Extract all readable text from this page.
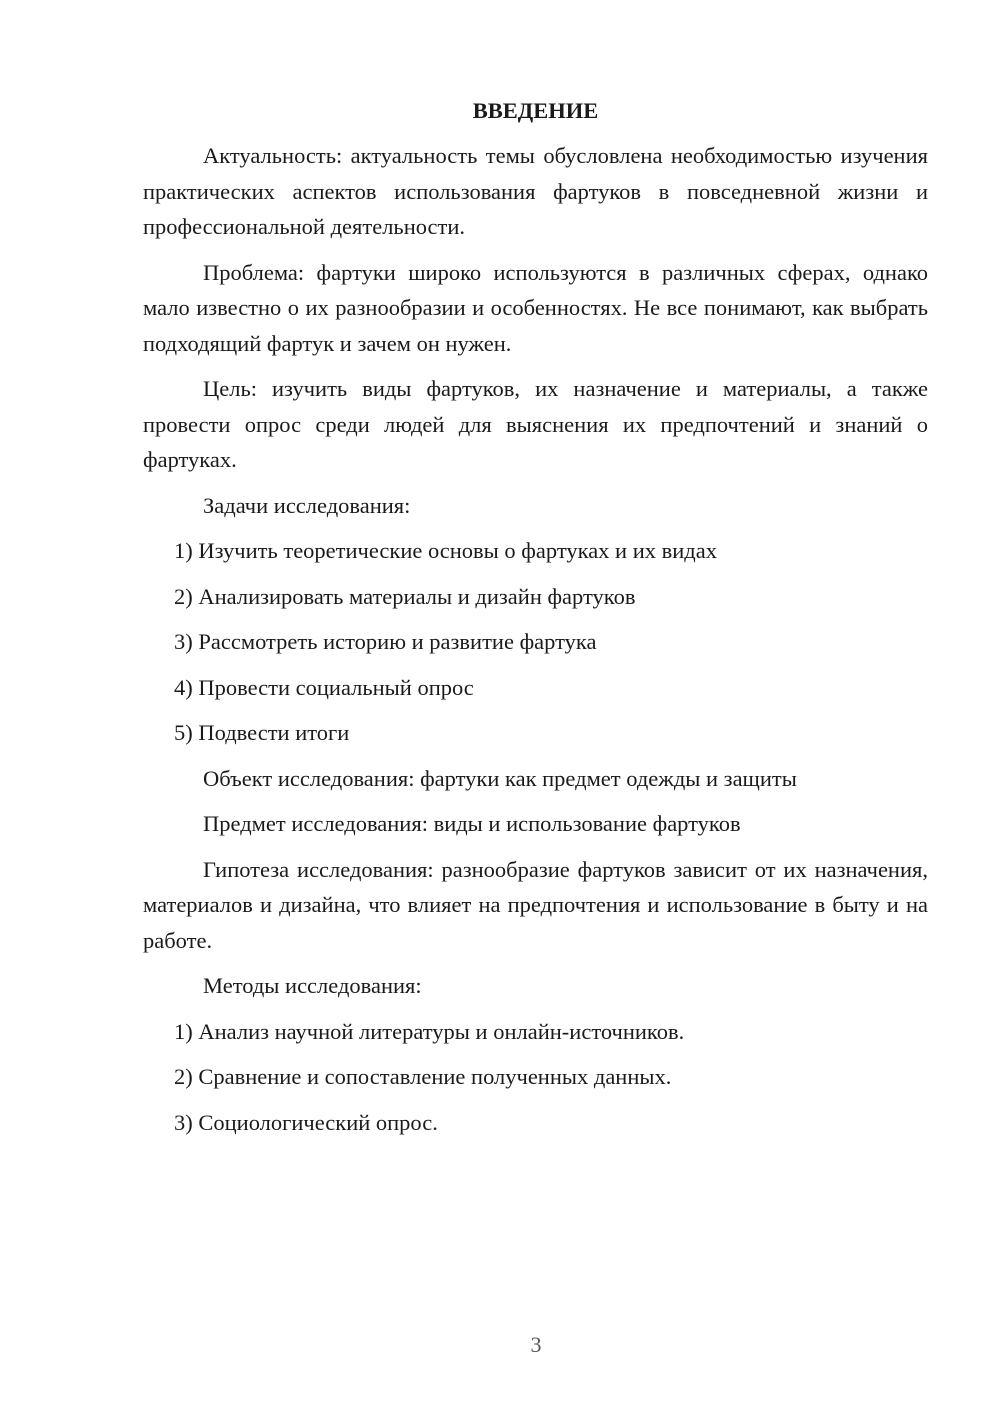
ВВЕДЕНИЕ

Актуальность: актуальность темы обусловлена необходимостью изучения практических аспектов использования фартуков в повседневной жизни и профессиональной деятельности.

Проблема: фартуки широко используются в различных сферах, однако мало известно о их разнообразии и особенностях. Не все понимают, как выбрать подходящий фартук и зачем он нужен.

Цель: изучить виды фартуков, их назначение и материалы, а также провести опрос среди людей для выяснения их предпочтений и знаний о фартуках.

Задачи исследования:

1) Изучить теоретические основы о фартуках и их видах

2) Анализировать материалы и дизайн фартуков

3) Рассмотреть историю и развитие фартука

4) Провести социальный опрос

5) Подвести итоги

Объект исследования: фартуки как предмет одежды и защиты

Предмет исследования: виды и использование фартуков

Гипотеза исследования: разнообразие фартуков зависит от их назначения, материалов и дизайна, что влияет на предпочтения и использование в быту и на работе.

Методы исследования:

1) Анализ научной литературы и онлайн-источников.

2) Сравнение и сопоставление полученных данных.

3) Социологический опрос.

3
